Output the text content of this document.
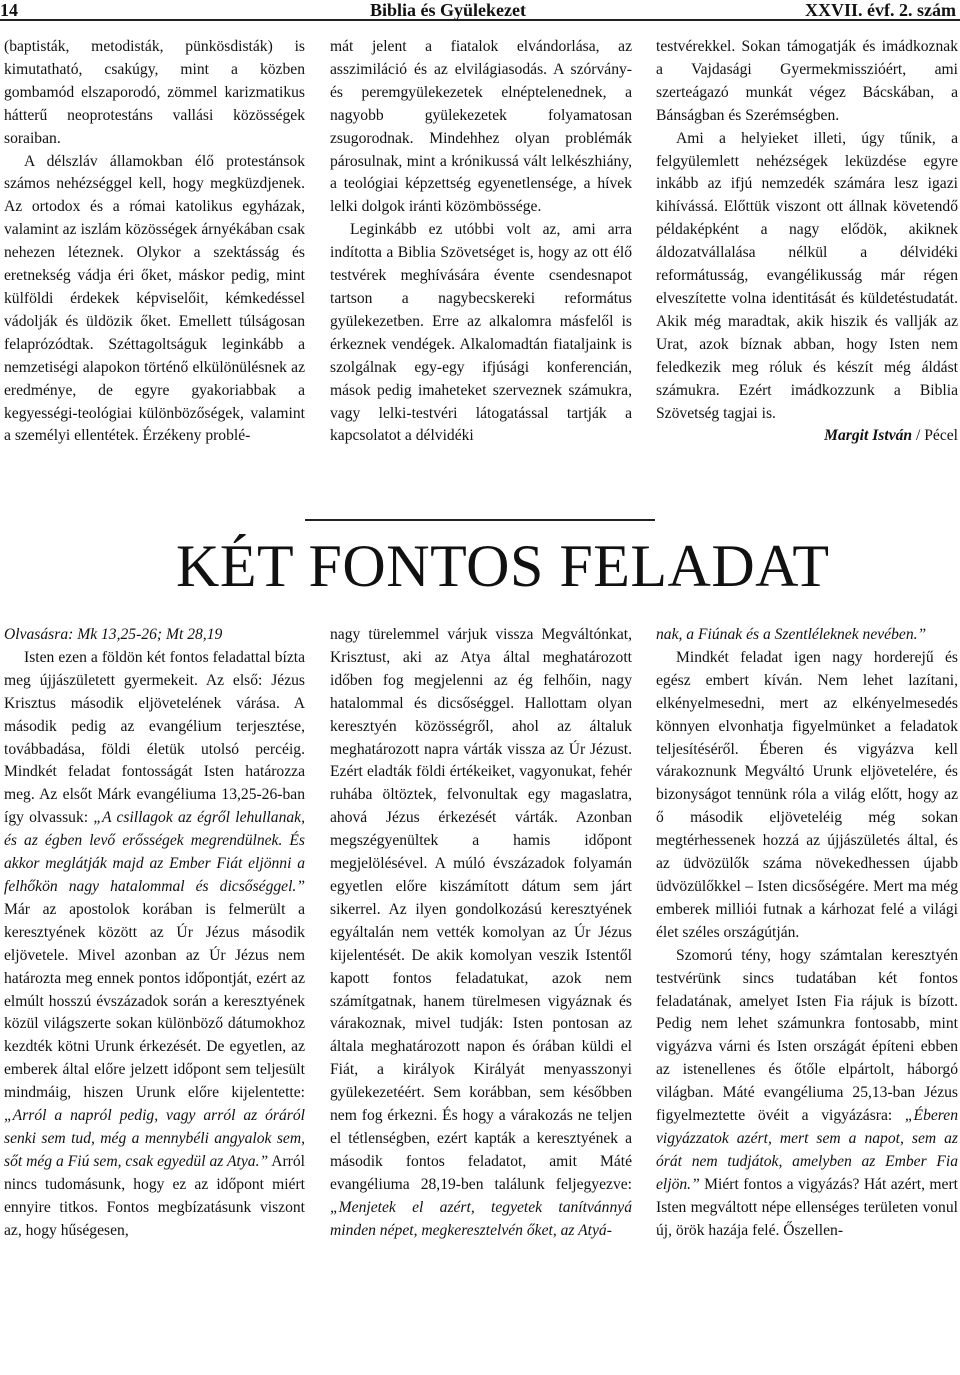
14	Biblia és Gyülekezet	XXVII. évf. 2. szám

(baptisták, metodisták, pünkösdisták) is kimutatható, csakúgy, mint a közben gombamód elszaporodó, zömmel karizmatikus hátterű neoprotestáns vallási közösségek soraiban.

A délszláv államokban élő protestánsok számos nehézséggel kell, hogy megküzdjenek. Az ortodox és a római katolikus egyházak, valamint az iszlám közösségek árnyékában csak nehezen léteznek. Olykor a szektásság és eretnekség vádja éri őket, máskor pedig, mint külföldi érdekek képviselőit, kémkedéssel vádolják és üldözik őket. Emellett túlságosan felaprózódtak. Széttagoltságuk leginkább a nemzetiségi alapokon történő elkülönülésnek az eredménye, de egyre gyakoriabbak a kegyességi-teológiai különbözőségek, valamint a személyi ellentétek. Érzékeny problé-

mát jelent a fiatalok elvándorlása, az asszimiláció és az elvilágiasodás. A szórvány- és peremgyülekezetek elnéptelenednek, a nagyobb gyülekezetek folyamatosan zsugorodnak. Mindehhez olyan problémák párosulnak, mint a krónikussá vált lelkészhiány, a teológiai képzettség egyenetlensége, a hívek lelki dolgok iránti közömbössége.

Leginkább ez utóbbi volt az, ami arra indította a Biblia Szövetséget is, hogy az ott élő testvérek meghívására évente csendesnapot tartson a nagybecskereki református gyülekezetben. Erre az alkalomra másfelől is érkeznek vendégek. Alkalomadtán fiataljaink is szolgálnak egy-egy ifjúsági konferencián, mások pedig imaheteket szerveznek számukra, vagy lelki-testvéri látogatással tartják a kapcsolatot a délvidéki

testvérekkel. Sokan támogatják és imádkoznak a Vajdasági Gyermekmisszióért, ami szerteágazó munkát végez Bácskában, a Bánságban és Szerémségben.

Ami a helyieket illeti, úgy tűnik, a felgyülemlett nehézségek leküzdése egyre inkább az ifjú nemzedék számára lesz igazi kihívássá. Előttük viszont ott állnak követendő példaképként a nagy elődök, akiknek áldozatvállalása nélkül a délvidéki reformátusság, evangélikusság már régen elveszítette volna identitását és küldetéstudatát. Akik még maradtak, akik hiszik és vallják az Urat, azok bíznak abban, hogy Isten nem feledkezik meg róluk és készít még áldást számukra. Ezért imádkozzunk a Biblia Szövetség tagjai is.

Margit István / Pécel

KÉT FONTOS FELADAT

Olvasásra: Mk 13,25-26; Mt 28,19

Isten ezen a földön két fontos feladattal bízta meg újjászületett gyermekeit. Az első: Jézus Krisztus második eljövetelének várása. A második pedig az evangélium terjesztése, továbbadása, földi életük utolsó percéig. Mindkét feladat fontosságát Isten határozza meg. Az elsőt Márk evangéliuma 13,25-26-ban így olvassuk: „A csillagok az égről lehullanak, és az égben levő erősségek megrendülnek. És akkor meglátják majd az Ember Fiát eljönni a felhőkön nagy hatalommal és dicsőséggel.” Már az apostolok korában is felmerült a keresztyének között az Úr Jézus második eljövetele. Mivel azonban az Úr Jézus nem határozta meg ennek pontos időpontját, ezért az elmúlt hosszú évszázadok során a keresztyének közül világszerte sokan különböző dátumokhoz kezdték kötni Urunk érkezését. De egyetlen, az emberek által előre jelzett időpont sem teljesült mindmáig, hiszen Urunk előre kijelentette: „Arról a napról pedig, vagy arról az óráról senki sem tud, még a mennybéli angyalok sem, sőt még a Fiú sem, csak egyedül az Atya.” Arról nincs tudomásunk, hogy ez az időpont miért ennyire titkos. Fontos megbízatásunk viszont az, hogy hűségesen,

nagy türelemmel várjuk vissza Megváltónkat, Krisztust, aki az Atya által meghatározott időben fog megjelenni az ég felhőin, nagy hatalommal és dicsőséggel. Hallottam olyan keresztyén közösségről, ahol az általuk meghatározott napra várták vissza az Úr Jézust. Ezért eladták földi értékeiket, vagyonukat, fehér ruhába öltöztek, felvonultak egy magaslatra, ahová Jézus érkezését várták. Azonban megszégyenültek a hamis időpont megjelölésével. A múló évszázadok folyamán egyetlen előre kiszámított dátum sem járt sikerrel. Az ilyen gondolkozású keresztyének egyáltalán nem vették komolyan az Úr Jézus kijelentését. De akik komolyan veszik Istentől kapott fontos feladatukat, azok nem számítgatnak, hanem türelmesen vigyáznak és várakoznak, mivel tudják: Isten pontosan az általa meghatározott napon és órában küldi el Fiát, a királyok Királyát menyasszonyi gyülekezetéért. Sem korábban, sem későbben nem fog érkezni. És hogy a várakozás ne teljen el tétlenségben, ezért kapták a keresztyének a második fontos feladatot, amit Máté evangéliuma 28,19-ben találunk feljegyezve: „Menjetek el azért, tegyetek tanítvánnyá minden népet, megkeresztelvén őket, az Atyá-

nak, a Fiúnak és a Szentléleknek nevében.”

Mindkét feladat igen nagy horderejű és egész embert kíván. Nem lehet lazítani, elkényelmesedni, mert az elkényelmesedés könnyen elvonhatja figyelmünket a feladatok teljesítéséről. Éberen és vigyázva kell várakoznunk Megváltó Urunk eljövetelére, és bizonyságot tennünk róla a világ előtt, hogy az ő második eljöveteléig még sokan megtérhessenek hozzá az újjászületés által, és az üdvözülők száma növekedhessen újabb üdvözülőkkel – Isten dicsőségére. Mert ma még emberek milliói futnak a kárhozat felé a világi élet széles országútján.

Szomorú tény, hogy számtalan keresztyén testvérünk sincs tudatában két fontos feladatának, amelyet Isten Fia rájuk is bízott. Pedig nem lehet számunkra fontosabb, mint vigyázva várni és Isten országát építeni ebben az istenellenes és őtőle elpártolt, háborgó világban. Máté evangéliuma 25,13-ban Jézus figyelmeztette övéit a vigyázásra: „Éberen vigyázzatok azért, mert sem a napot, sem az órát nem tudjátok, amelyben az Ember Fia eljön.” Miért fontos a vigyázás? Hát azért, mert Isten megváltott népe ellenséges területen vonul új, örök hazája felé. Őszellen-
